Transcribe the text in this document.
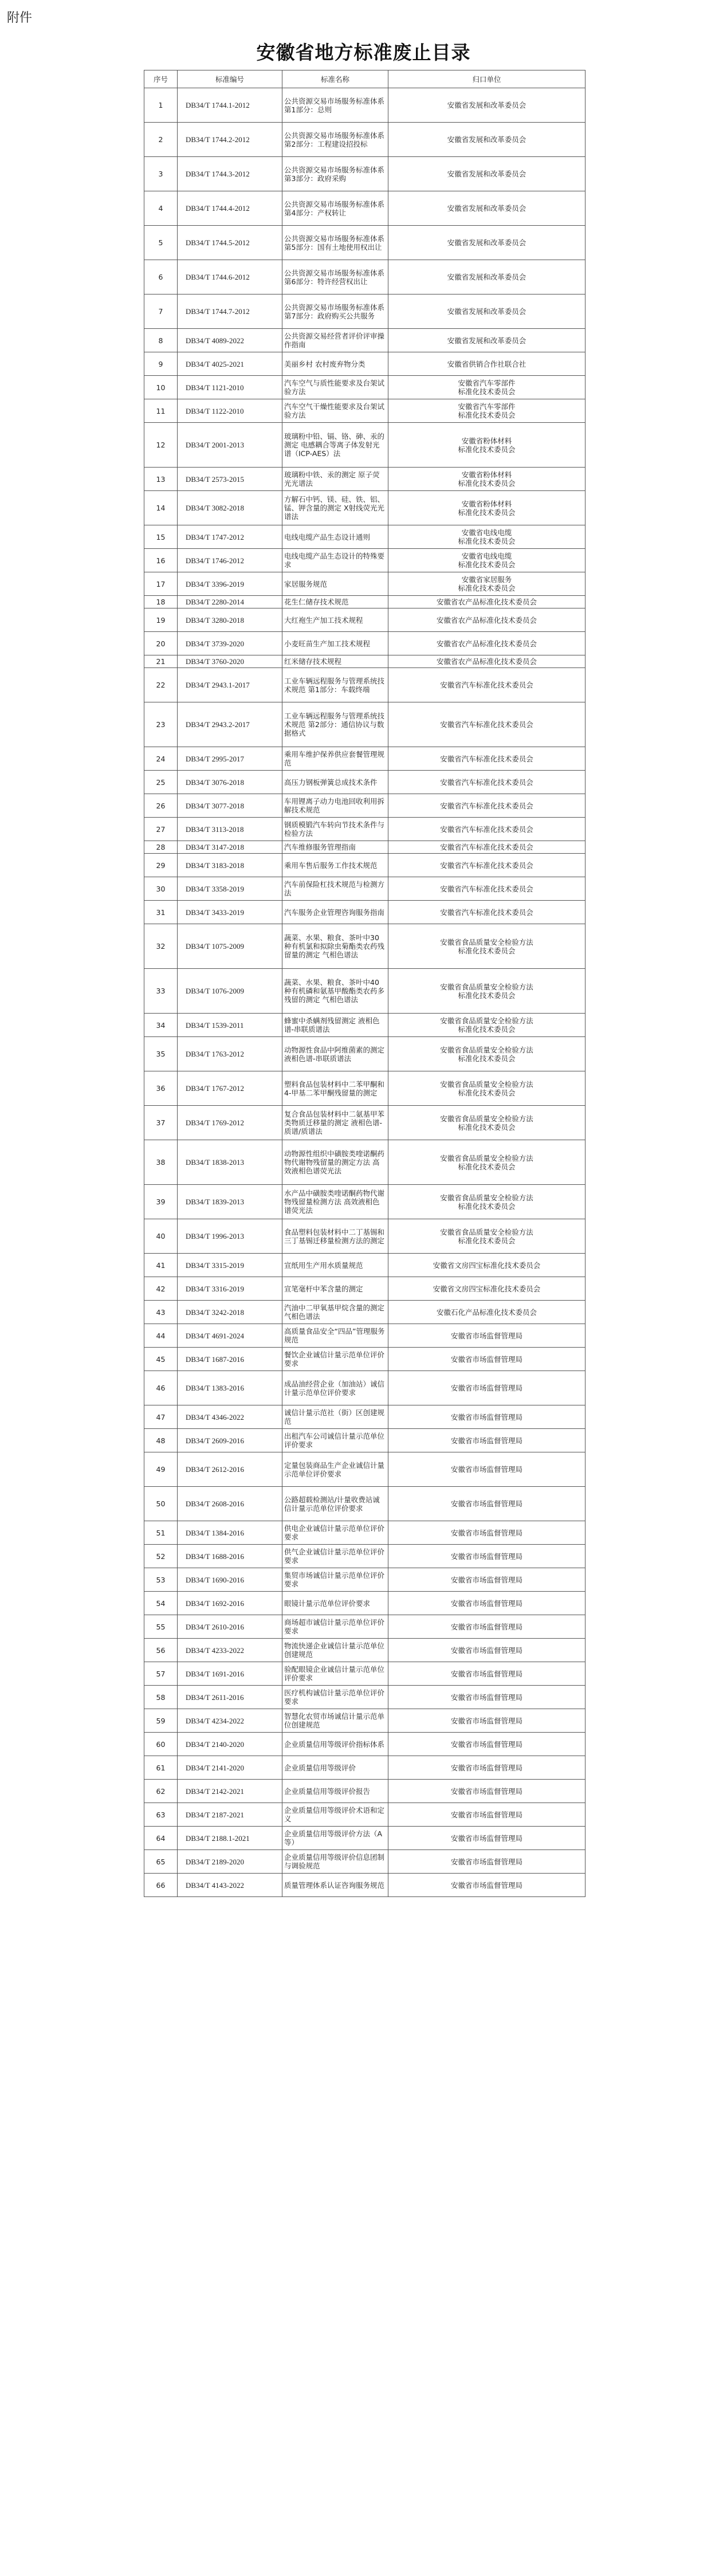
附件
安徽省地方标准废止目录
序号	标准编号	标准名称	归口单位
1	DB34/T 1744.1-2012	公共资源交易市场服务标准体系 第1部分：总则	安徽省发展和改革委员会
2	DB34/T 1744.2-2012	公共资源交易市场服务标准体系 第2部分：工程建设招投标	安徽省发展和改革委员会
3	DB34/T 1744.3-2012	公共资源交易市场服务标准体系 第3部分：政府采购	安徽省发展和改革委员会
4	DB34/T 1744.4-2012	公共资源交易市场服务标准体系 第4部分：产权转让	安徽省发展和改革委员会
5	DB34/T 1744.5-2012	公共资源交易市场服务标准体系 第5部分：国有土地使用权出让	安徽省发展和改革委员会
6	DB34/T 1744.6-2012	公共资源交易市场服务标准体系 第6部分：特许经营权出让	安徽省发展和改革委员会
7	DB34/T 1744.7-2012	公共资源交易市场服务标准体系 第7部分：政府购买公共服务	安徽省发展和改革委员会
8	DB34/T 4089-2022	公共资源交易经营者评价评审操作指南	安徽省发展和改革委员会
9	DB34/T 4025-2021	美丽乡村 农村废弃物分类	安徽省供销合作社联合社
10	DB34/T 1121-2010	汽车空气与质性能要求及台架试验方法	安徽省汽车零部件
标准化技术委员会
11	DB34/T 1122-2010	汽车空气干燥性能要求及台架试验方法	安徽省汽车零部件
标准化技术委员会
12	DB34/T 2001-2013	玻璃粉中铅、镉、铬、砷、汞的测定 电感耦合等离子体发射光谱（ICP-AES）法	安徽省粉体材料
标准化技术委员会
13	DB34/T 2573-2015	玻璃粉中铁、汞的测定 原子荧光光谱法	安徽省粉体材料
标准化技术委员会
14	DB34/T 3082-2018	方解石中钙、镁、硅、铁、铝、锰、钾含量的测定 X射线荧光光谱法	安徽省粉体材料
标准化技术委员会
15	DB34/T 1747-2012	电线电缆产品生态设计通则	安徽省电线电缆
标准化技术委员会
16	DB34/T 1746-2012	电线电缆产品生态设计的特殊要求	安徽省电线电缆
标准化技术委员会
17	DB34/T 3396-2019	家居服务规范	安徽省家居服务
标准化技术委员会
18	DB34/T 2280-2014	花生仁储存技术规范	安徽省农产品标准化技术委员会
19	DB34/T 3280-2018	大红袍生产加工技术规程	安徽省农产品标准化技术委员会
20	DB34/T 3739-2020	小麦旺苗生产加工技术规程	安徽省农产品标准化技术委员会
21	DB34/T 3760-2020	红米储存技术规程	安徽省农产品标准化技术委员会
22	DB34/T 2943.1-2017	工业车辆远程服务与管理系统技术规范 第1部分：车载终端	安徽省汽车标准化技术委员会
23	DB34/T 2943.2-2017	工业车辆远程服务与管理系统技术规范 第2部分：通信协议与数据格式	安徽省汽车标准化技术委员会
24	DB34/T 2995-2017	乘用车维护保养供应套餐管理规范	安徽省汽车标准化技术委员会
25	DB34/T 3076-2018	高压力钢板弹簧总成技术条件	安徽省汽车标准化技术委员会
26	DB34/T 3077-2018	车用锂离子动力电池回收利用拆解技术规范	安徽省汽车标准化技术委员会
27	DB34/T 3113-2018	钢质模锻汽车转向节技术条件与检验方法	安徽省汽车标准化技术委员会
28	DB34/T 3147-2018	汽车维修服务管理指南	安徽省汽车标准化技术委员会
29	DB34/T 3183-2018	乘用车售后服务工作技术规范	安徽省汽车标准化技术委员会
30	DB34/T 3358-2019	汽车前保险杠技术规范与检测方法	安徽省汽车标准化技术委员会
31	DB34/T 3433-2019	汽车服务企业管理咨询服务指南	安徽省汽车标准化技术委员会
32	DB34/T 1075-2009	蔬菜、水果、粮食、茶叶中30种有机氯和拟除虫菊酯类农药残留量的测定 气相色谱法	安徽省食品质量安全检验方法
标准化技术委员会
33	DB34/T 1076-2009	蔬菜、水果、粮食、茶叶中40种有机磷和氨基甲酸酯类农药多残留的测定 气相色谱法	安徽省食品质量安全检验方法
标准化技术委员会
34	DB34/T 1539-2011	蜂蜜中杀螨剂残留测定 液相色谱-串联质谱法	安徽省食品质量安全检验方法
标准化技术委员会
35	DB34/T 1763-2012	动物源性食品中阿维菌素的测定 液相色谱-串联质谱法	安徽省食品质量安全检验方法
标准化技术委员会
36	DB34/T 1767-2012	塑料食品包装材料中二苯甲酮和4-甲基二苯甲酮残留量的测定	安徽省食品质量安全检验方法
标准化技术委员会
37	DB34/T 1769-2012	复合食品包装材料中二氨基甲苯类物质迁移量的测定 液相色谱-质谱/质谱法	安徽省食品质量安全检验方法
标准化技术委员会
38	DB34/T 1838-2013	动物源性组织中磺胺类喹诺酮药物代谢物残留量的测定方法 高效液相色谱荧光法	安徽省食品质量安全检验方法
标准化技术委员会
39	DB34/T 1839-2013	水产品中磺胺类喹诺酮药物代谢物残留量检测方法 高效液相色谱荧光法	安徽省食品质量安全检验方法
标准化技术委员会
40	DB34/T 1996-2013	食品塑料包装材料中二丁基锡和三丁基锡迁移量检测方法的测定	安徽省食品质量安全检验方法
标准化技术委员会
41	DB34/T 3315-2019	宣纸用生产用水质量规范	安徽省文房四宝标准化技术委员会
42	DB34/T 3316-2019	宣笔毫杆中苯含量的测定	安徽省文房四宝标准化技术委员会
43	DB34/T 3242-2018	汽油中二甲氧基甲烷含量的测定 气相色谱法	安徽石化产品标准化技术委员会
44	DB34/T 4691-2024	高质量食品安全“四品”管理服务规范	安徽省市场监督管理局
45	DB34/T 1687-2016	餐饮企业诚信计量示范单位评价要求	安徽省市场监督管理局
46	DB34/T 1383-2016	成品油经营企业（加油站）诚信计量示范单位评价要求	安徽省市场监督管理局
47	DB34/T 4346-2022	诚信计量示范社（街）区创建规范	安徽省市场监督管理局
48	DB34/T 2609-2016	出租汽车公司诚信计量示范单位评价要求	安徽省市场监督管理局
49	DB34/T 2612-2016	定量包装商品生产企业诚信计量示范单位评价要求	安徽省市场监督管理局
50	DB34/T 2608-2016	公路超载检测站/计量收费站诚信计量示范单位评价要求	安徽省市场监督管理局
51	DB34/T 1384-2016	供电企业诚信计量示范单位评价要求	安徽省市场监督管理局
52	DB34/T 1688-2016	供气企业诚信计量示范单位评价要求	安徽省市场监督管理局
53	DB34/T 1690-2016	集贸市场诚信计量示范单位评价要求	安徽省市场监督管理局
54	DB34/T 1692-2016	眼镜计量示范单位评价要求	安徽省市场监督管理局
55	DB34/T 2610-2016	商场超市诚信计量示范单位评价要求	安徽省市场监督管理局
56	DB34/T 4233-2022	物流快递企业诚信计量示范单位创建规范	安徽省市场监督管理局
57	DB34/T 1691-2016	验配眼镜企业诚信计量示范单位评价要求	安徽省市场监督管理局
58	DB34/T 2611-2016	医疗机构诚信计量示范单位评价要求	安徽省市场监督管理局
59	DB34/T 4234-2022	智慧化农贸市场诚信计量示范单位创建规范	安徽省市场监督管理局
60	DB34/T 2140-2020	企业质量信用等级评价指标体系	安徽省市场监督管理局
61	DB34/T 2141-2020	企业质量信用等级评价	安徽省市场监督管理局
62	DB34/T 2142-2021	企业质量信用等级评价报告	安徽省市场监督管理局
63	DB34/T 2187-2021	企业质量信用等级评价术语和定义	安徽省市场监督管理局
64	DB34/T 2188.1-2021	企业质量信用等级评价方法（A 等）	安徽省市场监督管理局
65	DB34/T 2189-2020	企业质量信用等级评价信息团制与调验规范	安徽省市场监督管理局
66	DB34/T 4143-2022	质量管理体系认证咨询服务规范	安徽省市场监督管理局
